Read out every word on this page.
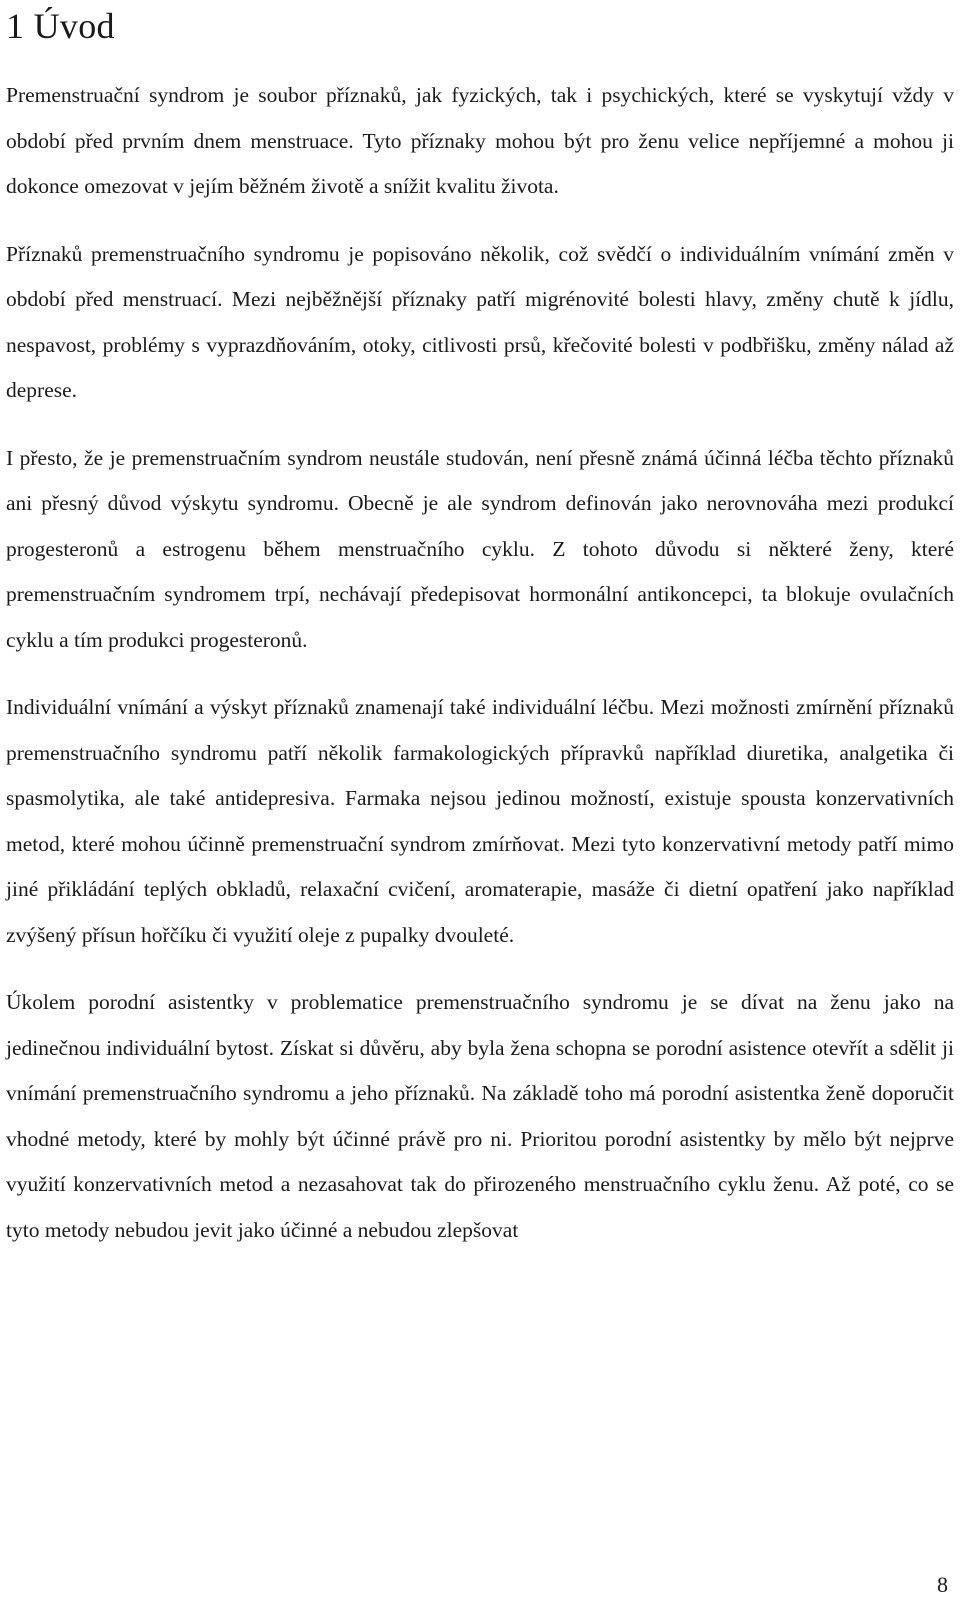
1 Úvod

Premenstruační syndrom je soubor příznaků, jak fyzických, tak i psychických, které se vyskytují vždy v období před prvním dnem menstruace. Tyto příznaky mohou být pro ženu velice nepříjemné a mohou ji dokonce omezovat v jejím běžném životě a snížit kvalitu života.

Příznaků premenstruačního syndromu je popisováno několik, což svědčí o individuálním vnímání změn v období před menstruací. Mezi nejběžnější příznaky patří migrénovité bolesti hlavy, změny chutě k jídlu, nespavost, problémy s vyprazdňováním, otoky, citlivosti prsů, křečovité bolesti v podbřišku, změny nálad až deprese.

I přesto, že je premenstruačním syndrom neustále studován, není přesně známá účinná léčba těchto příznaků ani přesný důvod výskytu syndromu. Obecně je ale syndrom definován jako nerovnováha mezi produkcí progesteronů a estrogenu během menstruačního cyklu. Z tohoto důvodu si některé ženy, které premenstruačním syndromem trpí, nechávají předepisovat hormonální antikoncepci, ta blokuje ovulačních cyklu a tím produkci progesteronů.

Individuální vnímání a výskyt příznaků znamenají také individuální léčbu. Mezi možnosti zmírnění příznaků premenstruačního syndromu patří několik farmakologických přípravků například diuretika, analgetika či spasmolytika, ale také antidepresiva. Farmaka nejsou jedinou možností, existuje spousta konzervativních metod, které mohou účinně premenstruační syndrom zmírňovat. Mezi tyto konzervativní metody patří mimo jiné přikládání teplých obkladů, relaxační cvičení, aromaterapie, masáže či dietní opatření jako například zvýšený přísun hořčíku či využití oleje z pupalky dvouleté.

Úkolem porodní asistentky v problematice premenstruačního syndromu je se dívat na ženu jako na jedinečnou individuální bytost. Získat si důvěru, aby byla žena schopna se porodní asistence otevřít a sdělit ji vnímání premenstruačního syndromu a jeho příznaků. Na základě toho má porodní asistentka ženě doporučit vhodné metody, které by mohly být účinné právě pro ni. Prioritou porodní asistentky by mělo být nejprve využití konzervativních metod a nezasahovat tak do přirozeného menstruačního cyklu ženu. Až poté, co se tyto metody nebudou jevit jako účinné a nebudou zlepšovat

8
